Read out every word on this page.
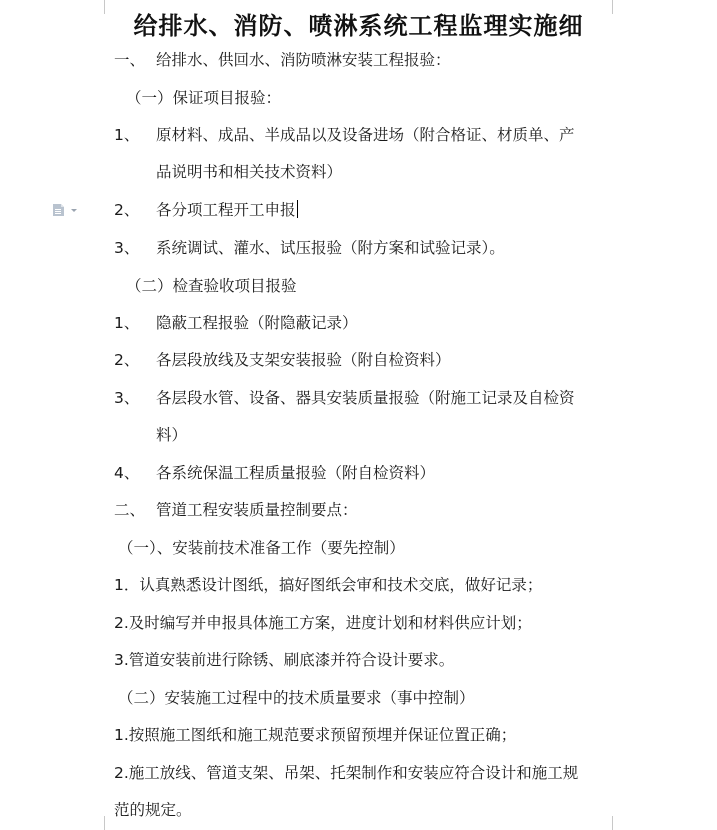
给排水、消防、喷淋系统工程监理实施细
一、 给排水、供回水、消防喷淋安装工程报验：
（一）保证项目报验：
1、 原材料、成品、半成品以及设备进场（附合格证、材质单、产
品说明书和相关技术资料）
2、 各分项工程开工申报
3、 系统调试、灌水、试压报验（附方案和试验记录）。
（二）检查验收项目报验
1、 隐蔽工程报验（附隐蔽记录）
2、 各层段放线及支架安装报验（附自检资料）
3、 各层段水管、设备、器具安装质量报验（附施工记录及自检资
料）
4、 各系统保温工程质量报验（附自检资料）
二、 管道工程安装质量控制要点：
（一）、安装前技术准备工作（要先控制）
1．认真熟悉设计图纸，搞好图纸会审和技术交底，做好记录；
2.及时编写并申报具体施工方案，进度计划和材料供应计划；
3.管道安装前进行除锈、刷底漆并符合设计要求。
（二）安装施工过程中的技术质量要求（事中控制）
1.按照施工图纸和施工规范要求预留预埋并保证位置正确；
2.施工放线、管道支架、吊架、托架制作和安装应符合设计和施工规
范的规定。
